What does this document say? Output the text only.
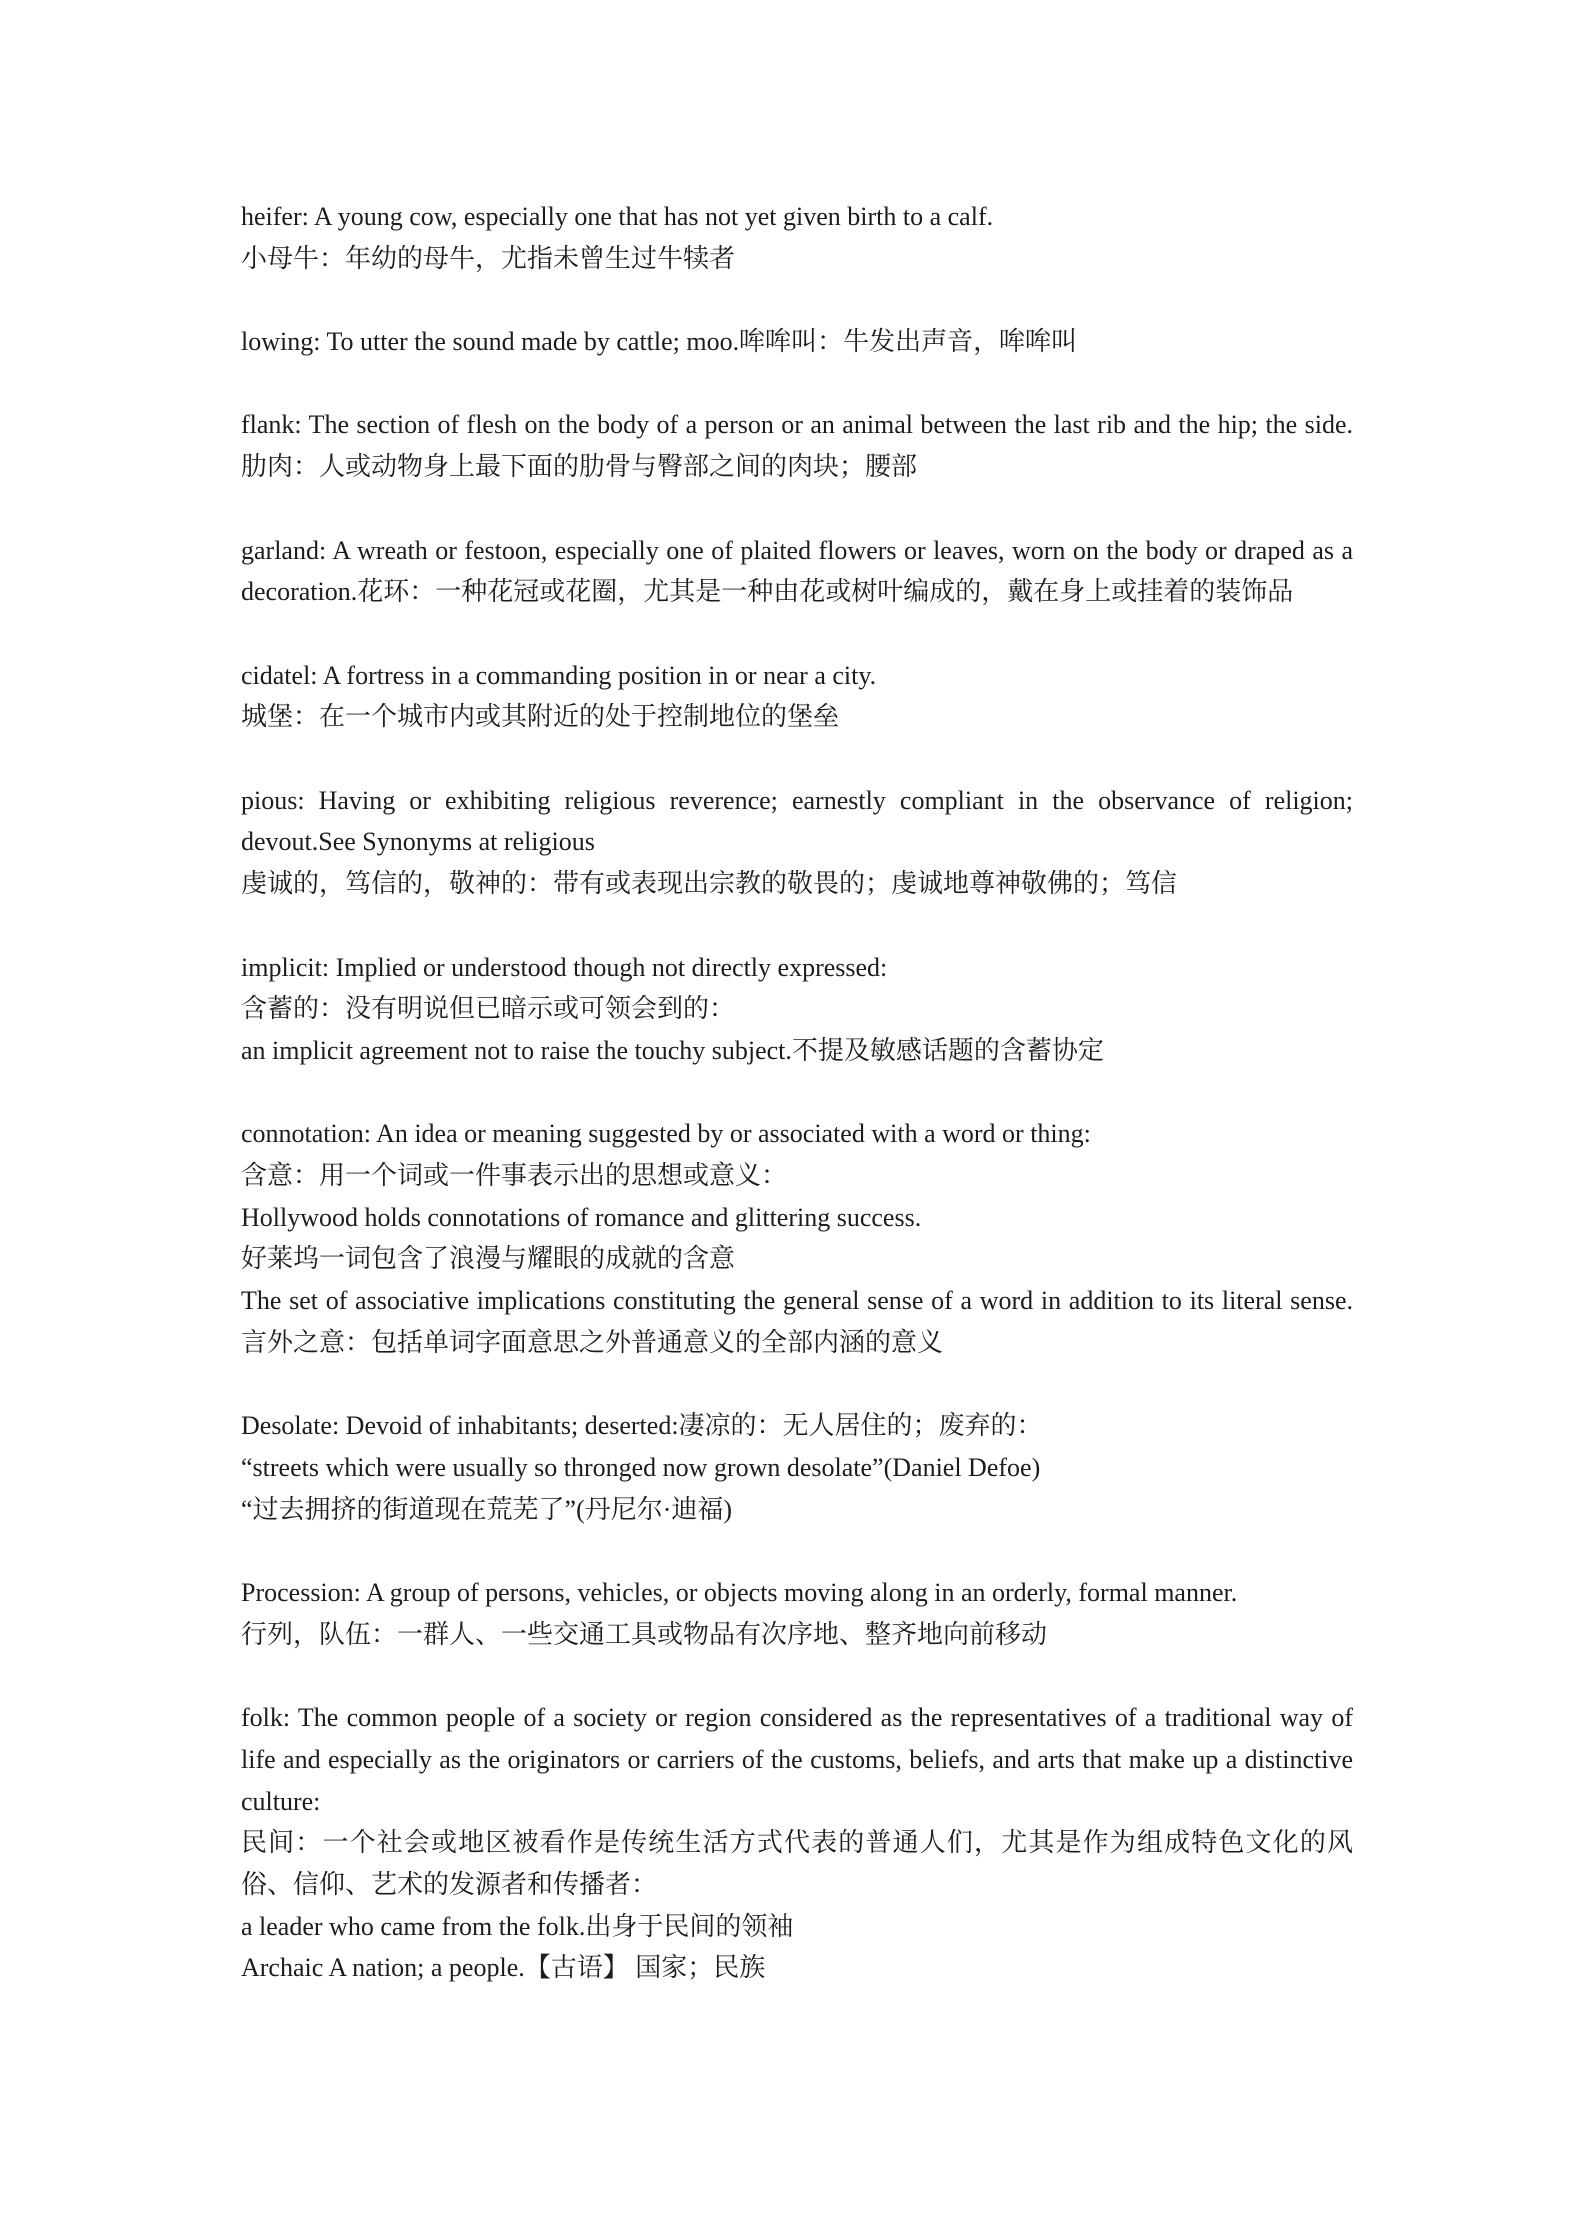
heifer: A young cow, especially one that has not yet given birth to a calf.
小母牛：年幼的母牛，尤指未曾生过牛犊者
lowing: To utter the sound made by cattle; moo.哞哞叫：牛发出声音，哞哞叫
flank: The section of flesh on the body of a person or an animal between the last rib and the hip; the side.肋肉：人或动物身上最下面的肋骨与臀部之间的肉块；腰部
garland: A wreath or festoon, especially one of plaited flowers or leaves, worn on the body or draped as a decoration.花环：一种花冠或花圈，尤其是一种由花或树叶编成的，戴在身上或挂着的装饰品
cidatel: A fortress in a commanding position in or near a city.
城堡：在一个城市内或其附近的处于控制地位的堡垒
pious: Having or exhibiting religious reverence; earnestly compliant in the observance of religion; devout.See Synonyms at religious
虔诚的，笃信的，敬神的：带有或表现出宗教的敬畏的；虔诚地尊神敬佛的；笃信
implicit: Implied or understood though not directly expressed:
含蓄的：没有明说但已暗示或可领会到的：
an implicit agreement not to raise the touchy subject.不提及敏感话题的含蓄协定
connotation: An idea or meaning suggested by or associated with a word or thing:
含意：用一个词或一件事表示出的思想或意义：
Hollywood holds connotations of romance and glittering success.
好莱坞一词包含了浪漫与耀眼的成就的含意
The set of associative implications constituting the general sense of a word in addition to its literal sense.言外之意：包括单词字面意思之外普通意义的全部内涵的意义
Desolate: Devoid of inhabitants; deserted:凄凉的：无人居住的；废弃的：
“streets which were usually so thronged now grown desolate”(Daniel Defoe)
“过去拥挤的街道现在荒芜了”(丹尼尔·迪福)
Procession: A group of persons, vehicles, or objects moving along in an orderly, formal manner.
行列，队伍：一群人、一些交通工具或物品有次序地、整齐地向前移动
folk: The common people of a society or region considered as the representatives of a traditional way of life and especially as the originators or carriers of the customs, beliefs, and arts that make up a distinctive culture:
民间：一个社会或地区被看作是传统生活方式代表的普通人们，尤其是作为组成特色文化的风俗、信仰、艺术的发源者和传播者：
a leader who came from the folk.出身于民间的领袖
Archaic A nation; a people.【古语】 国家；民族
